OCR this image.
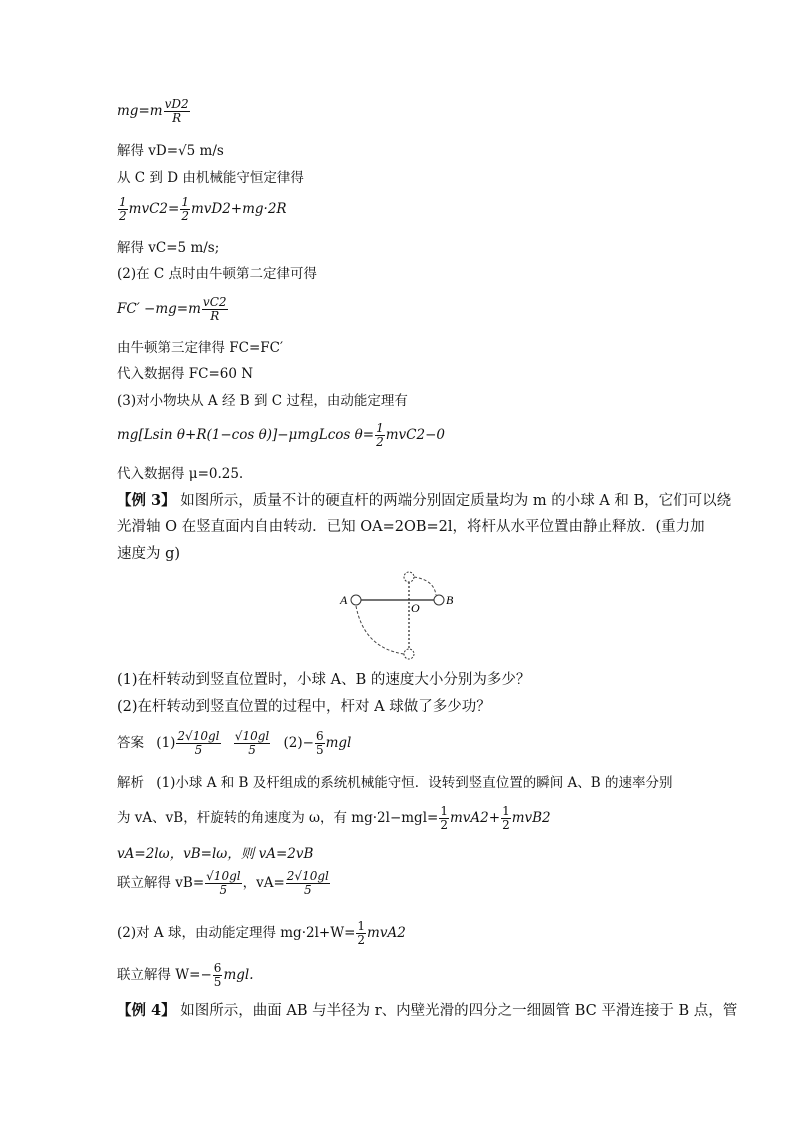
$mg=m \frac{vD2}{R}$
解得 vD=√5 m/s
从 C 到 D 由机械能守恒定律得
$\frac{1}{2} mvC2= \frac{1}{2} mvD2+mg\cdot 2R$
解得 vC=5 m/s;
(2)在 C 点时由牛顿第二定律可得
$FC' -mg=m \frac{vC2}{R}$
由牛顿第三定律得 FC=FC′
代入数据得 FC=60 N
(3)对小物块从 A 经 B 到 C 过程，由动能定理有
mg[Lsin θ+R(1−cos θ)]−μmgLcos $\theta= \frac{1}{2} mvC2-0$
代入数据得 μ=0.25.
【例 3】 如图所示，质量不计的硬直杆的两端分别固定质量均为 m 的小球 A 和 B，它们可以绕
光滑轴 O 在竖直面内自由转动．已知 OA=2OB=2l，将杆从水平位置由静止释放．(重力加
速度为 g)
A
O
B
(1)在杆转动到竖直位置时，小球 A、B 的速度大小分别为多少？
(2)在杆转动到竖直位置的过程中，杆对 A 球做了多少功？
答案 $(1) \frac{2√10gl}{5}$
$\frac{√10gl}{5} (2)- \frac{6}{5}$ mgl
解析 (1)小球 A 和 B 及杆组成的系统机械能守恒．设转到竖直位置的瞬间 A、B 的速率分别
为 vA、vB，杆旋转的角速度为 ω，有 $mg\cdot 2l-mgl= \frac{1}{2} mvA2+ \frac{1}{2} mvB2$
vA=2lω，vB=lω，则 vA=2vB
联立解得 $vB= \frac{√10gl}{5}$ ，$vA= \frac{2√10gl}{5}$
(2)对 A 球，由动能定理得 $mg\cdot 2l+W= \frac{1}{2} mvA2$
联立解得 $W=- \frac{6}{5}$ mgl.
【例 4】 如图所示，曲面 AB 与半径为 r、内壁光滑的四分之一细圆管 BC 平滑连接于 B 点，管
